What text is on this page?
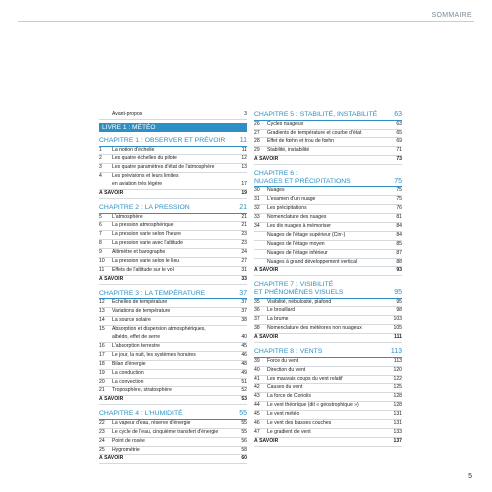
SOMMAIRE
Avant-propos	3
LIVRE 1 : MÉTÉO
CHAPITRE 1 : OBSERVER ET PRÉVOIR	11
1	La notion d'échelle	11
2	Les quatre échelles du pilote	12
3	Les quatre paramètres d'état de l'atmosphère	13
4	Les prévisions et leurs limites
en aviation très légère	17
À SAVOIR	19
CHAPITRE 2 : LA PRESSION	21
5	L'atmosphère	21
6	La pression atmosphérique	21
7	La pression varie selon l'heure	23
8	La pression varie avec l'altitude	23
9	Altimètre et barographe	24
10	La pression varie selon le lieu	27
11	Effets de l'altitude sur le vol	31
À SAVOIR	33
CHAPITRE 3 : LA TEMPÉRATURE	37
12	Échelles de température	37
13	Variations de température	37
14	La source solaire	38
15	Absorption et dispersion atmosphériques,
albédo, effet de serre	40
16	L'absorption terrestre	45
17	Le jour, la nuit, les systèmes horaires	46
18	Bilan d'énergie	48
19	La conduction	49
20	La convection	51
21	Troposphère, stratosphère	52
À SAVOIR	53
CHAPITRE 4 : L'HUMIDITÉ	55
22	La vapeur d'eau, réserve d'énergie	55
23	Le cycle de l'eau, cinquième transfert d'énergie	55
24	Point de rosée	56
25	Hygrométrie	58
À SAVOIR	60
CHAPITRE 5 : STABILITÉ, INSTABILITÉ	63
26	Cycles nuageux	63
27	Gradients de température et courbe d'état	65
28	Effet de fœhn et trou de fœhn	69
29	Stabilité, instabilité	71
À SAVOIR	73
CHAPITRE 6 :
NUAGES ET PRÉCIPITATIONS	75
30	Nuages	75
31	L'examen d'un nuage	75
32	Les précipitations	76
33	Nomenclature des nuages	81
34	Les dix nuages à mémoriser	84
Nuages de l'étage supérieur (Cirr-)	84
Nuages de l'étage moyen	85
Nuages de l'étage inférieur	87
Nuages à grand développement vertical	88
À SAVOIR	93
CHAPITRE 7 : VISIBILITÉ
ET PHÉNOMÈNES VISUELS	95
35	Visibilité, nébulosité, plafond	95
36	Le brouillard	98
37	La brume	103
38	Nomenclature des météores non nuageux	105
À SAVOIR	111
CHAPITRE 8 : VENTS	113
39	Force du vent	113
40	Direction du vent	120
41	Les mauvais coups du vent relatif	122
42	Causes du vent	125
43	La force de Coriolis	128
44	Le vent théorique (dit « géostrophique »)	128
45	Le vent météo	131
46	Le vent des basses couches	131
47	Le gradient de vent	133
À SAVOIR	137
5
